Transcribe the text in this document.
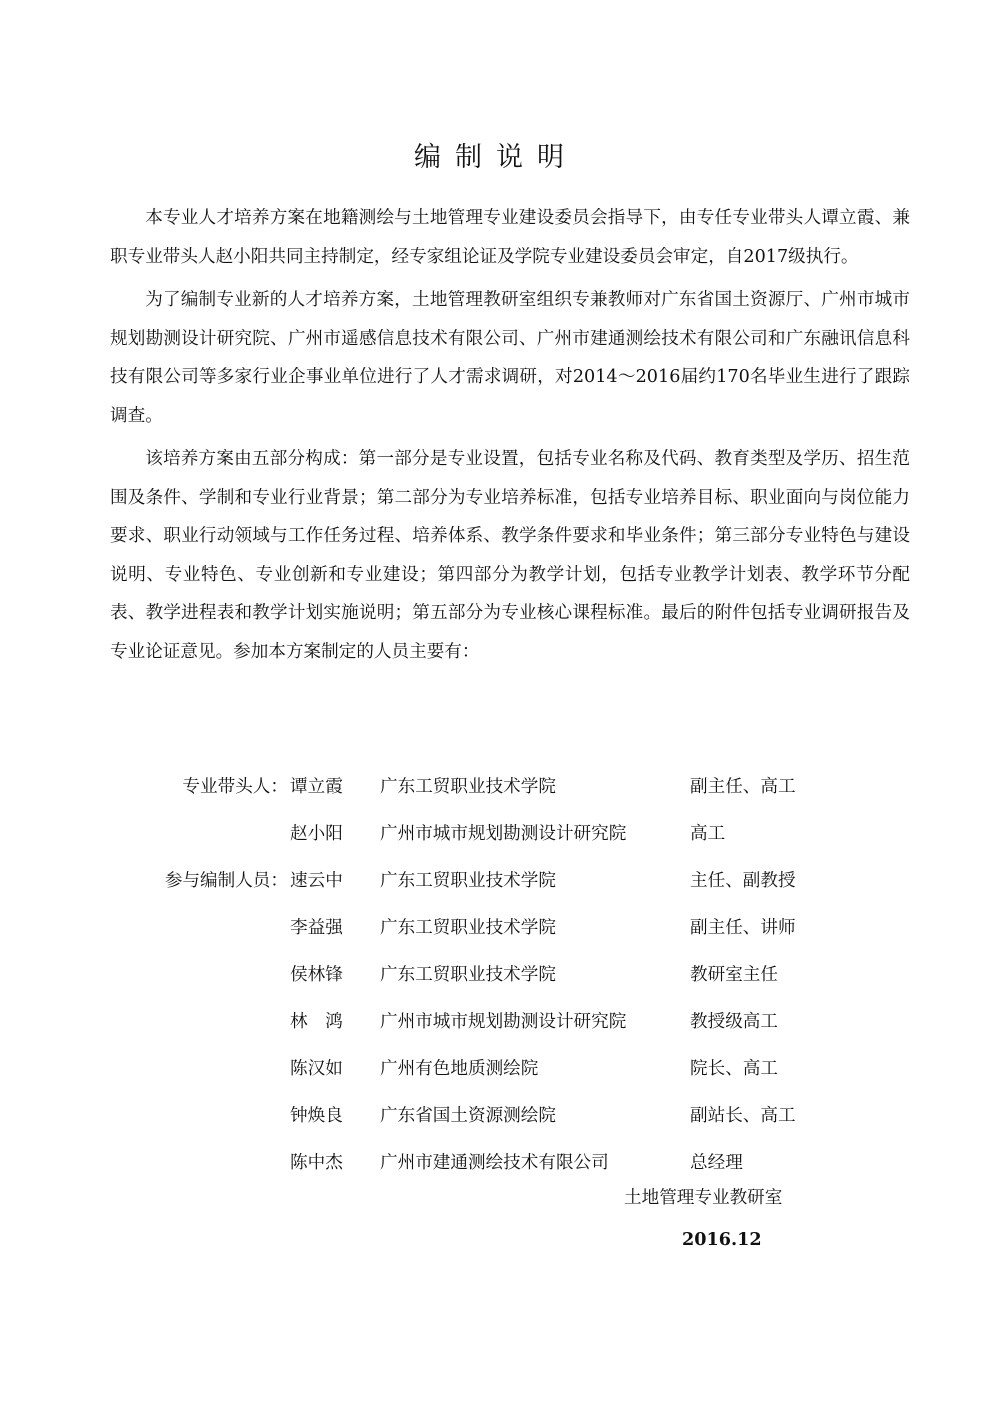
编制说明

本专业人才培养方案在地籍测绘与土地管理专业建设委员会指导下，由专任专业带头人谭立霞、兼职专业带头人赵小阳共同主持制定，经专家组论证及学院专业建设委员会审定，自2017级执行。

为了编制专业新的人才培养方案，土地管理教研室组织专兼教师对广东省国土资源厅、广州市城市规划勘测设计研究院、广州市遥感信息技术有限公司、广州市建通测绘技术有限公司和广东融讯信息科技有限公司等多家行业企事业单位进行了人才需求调研，对2014～2016届约170名毕业生进行了跟踪调查。

该培养方案由五部分构成：第一部分是专业设置，包括专业名称及代码、教育类型及学历、招生范围及条件、学制和专业行业背景；第二部分为专业培养标准，包括专业培养目标、职业面向与岗位能力要求、职业行动领域与工作任务过程、培养体系、教学条件要求和毕业条件；第三部分专业特色与建设说明、专业特色、专业创新和专业建设；第四部分为教学计划，包括专业教学计划表、教学环节分配表、教学进程表和教学计划实施说明；第五部分为专业核心课程标准。最后的附件包括专业调研报告及专业论证意见。参加本方案制定的人员主要有：

专业带头人： 谭立霞 广东工贸职业技术学院	副主任、高工
赵小阳 广州市城市规划勘测设计研究院	高工
参与编制人员： 速云中 广东工贸职业技术学院	主任、副教授
李益强 广东工贸职业技术学院	副主任、讲师
侯林锋 广东工贸职业技术学院	教研室主任
林　鸿 广州市城市规划勘测设计研究院	教授级高工
陈汉如 广州有色地质测绘院	院长、高工
钟焕良 广东省国土资源测绘院	副站长、高工
陈中杰 广州市建通测绘技术有限公司	总经理
土地管理专业教研室
2016.12
